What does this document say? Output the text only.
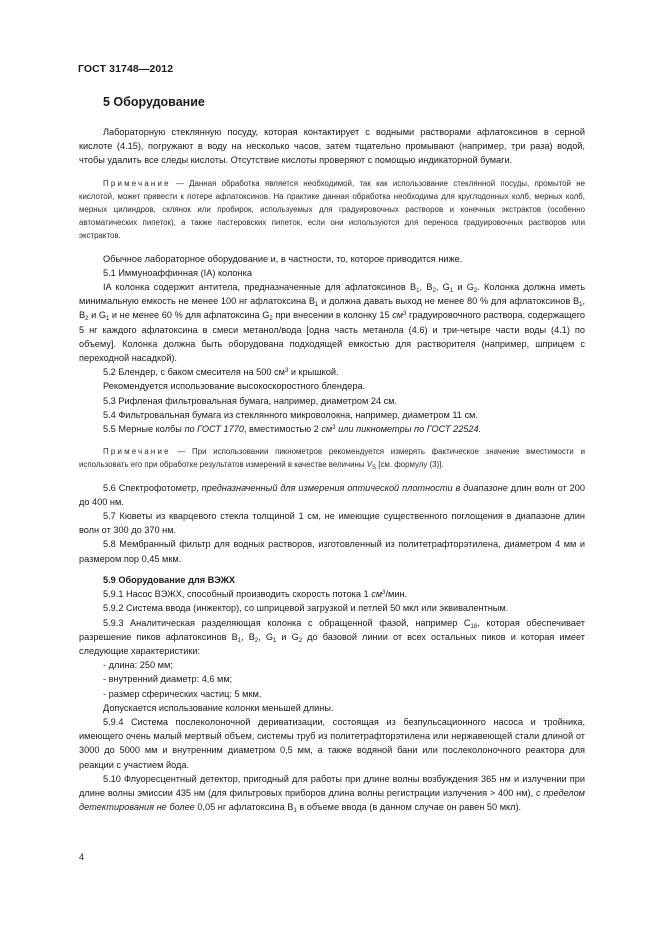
ГОСТ 31748—2012
5 Оборудование

Лабораторную стеклянную посуду, которая контактирует с водными растворами афлатоксинов в серной кислоте (4.15), погружают в воду на несколько часов, затем тщательно промывают (например, три раза) водой, чтобы удалить все следы кислоты. Отсутствие кислоты проверяют с помощью индикаторной бумаги.

Примечание — Данная обработка является необходимой, так как использование стеклянной посуды, промытой не кислотой, может привести к потере афлатоксинов. На практике данная обработка необходима для круглодонных колб, мерных колб, мерных цилиндров, склянок или пробирок, используемых для градуировочных растворов и конечных экстрактов (особенно автоматических пипеток), а также пастеровских пипеток, если они используются для переноса градуировочных растворов или экстрактов.

Обычное лабораторное оборудование и, в частности, то, которое приводится ниже.

5.1 Иммуноаффинная (IA) колонка

IA колонка содержит антитела, предназначенные для афлатоксинов $B_1$, $B_2$, $G_1$ и $G_2$. Колонка должна иметь минимальную емкость не менее 100 нг афлатоксина $B_1$ и должна давать выход не менее 80 % для афлатоксинов $B_1$, $B_2$ и $G_1$ и не менее 60 % для афлатоксина $G_2$ при внесении в колонку 15 $см^3$ градуировочного раствора, содержащего 5 нг каждого афлатоксина в смеси метанол/вода [одна часть метанола (4.6) и три-четыре части воды (4.1) по объему]. Колонка должна быть оборудована подходящей емкостью для растворителя (например, шприцем с переходной насадкой).

5.2 Блендер, с баком смесителя на 500 $см^3$ и крышкой.

Рекомендуется использование высокоскоростного блендера.

5.3 Рифленая фильтровальная бумага, например, диаметром 24 см.

5.4 Фильтровальная бумага из стеклянного микроволокна, например, диаметром 11 см.

5.5 Мерные колбы по ГОСТ 1770, вместимостью 2 $см^3$ или пикнометры по ГОСТ 22524.

Примечание — При использовании пикнометров рекомендуется измерять фактическое значение вместимости и использовать его при обработке результатов измерений в качестве величины $V_S$ [см. формулу (3)].

5.6 Спектрофотометр, предназначенный для измерения оптической плотности в диапазоне длин волн от 200 до 400 нм.

5.7 Кюветы из кварцевого стекла толщиной 1 см, не имеющие существенного поглощения в диапазоне длин волн от 300 до 370 нм.

5.8 Мембранный фильтр для водных растворов, изготовленный из политетрафторэтилена, диаметром 4 мм и размером пор 0,45 мкм.

5.9 Оборудование для ВЭЖХ

5.9.1 Насос ВЭЖХ, способный производить скорость потока 1 $см^3$/мин.

5.9.2 Система ввода (инжектор), со шприцевой загрузкой и петлей 50 мкл или эквивалентным.

5.9.3 Аналитическая разделяющая колонка с обращенной фазой, например $C_{18}$, которая обеспечивает разрешение пиков афлатоксинов $B_1$, $B_2$, $G_1$ и $G_2$ до базовой линии от всех остальных пиков и которая имеет следующие характеристики:

- длина: 250 мм;

- внутренний диаметр: 4,6 мм;

- размер сферических частиц: 5 мкм.

Допускается использование колонки меньшей длины.

5.9.4 Система послеколоночной дериватизации, состоящая из безпульсационного насоса и тройника, имеющего очень малый мертвый объем, системы труб из политетрафторэтилена или нержавеющей стали длиной от 3000 до 5000 мм и внутренним диаметром 0,5 мм, а также водяной бани или послеколоночного реактора для реакции с участием йода.

5.10 Флуоресцентный детектор, пригодный для работы при длине волны возбуждения 365 нм и излучении при длине волны эмиссии 435 нм (для фильтровых приборов длина волны регистрации излучения > 400 нм), с пределом детектирования не более 0,05 нг афлатоксина $B_1$ в объеме ввода (в данном случае он равен 50 мкл).

4
